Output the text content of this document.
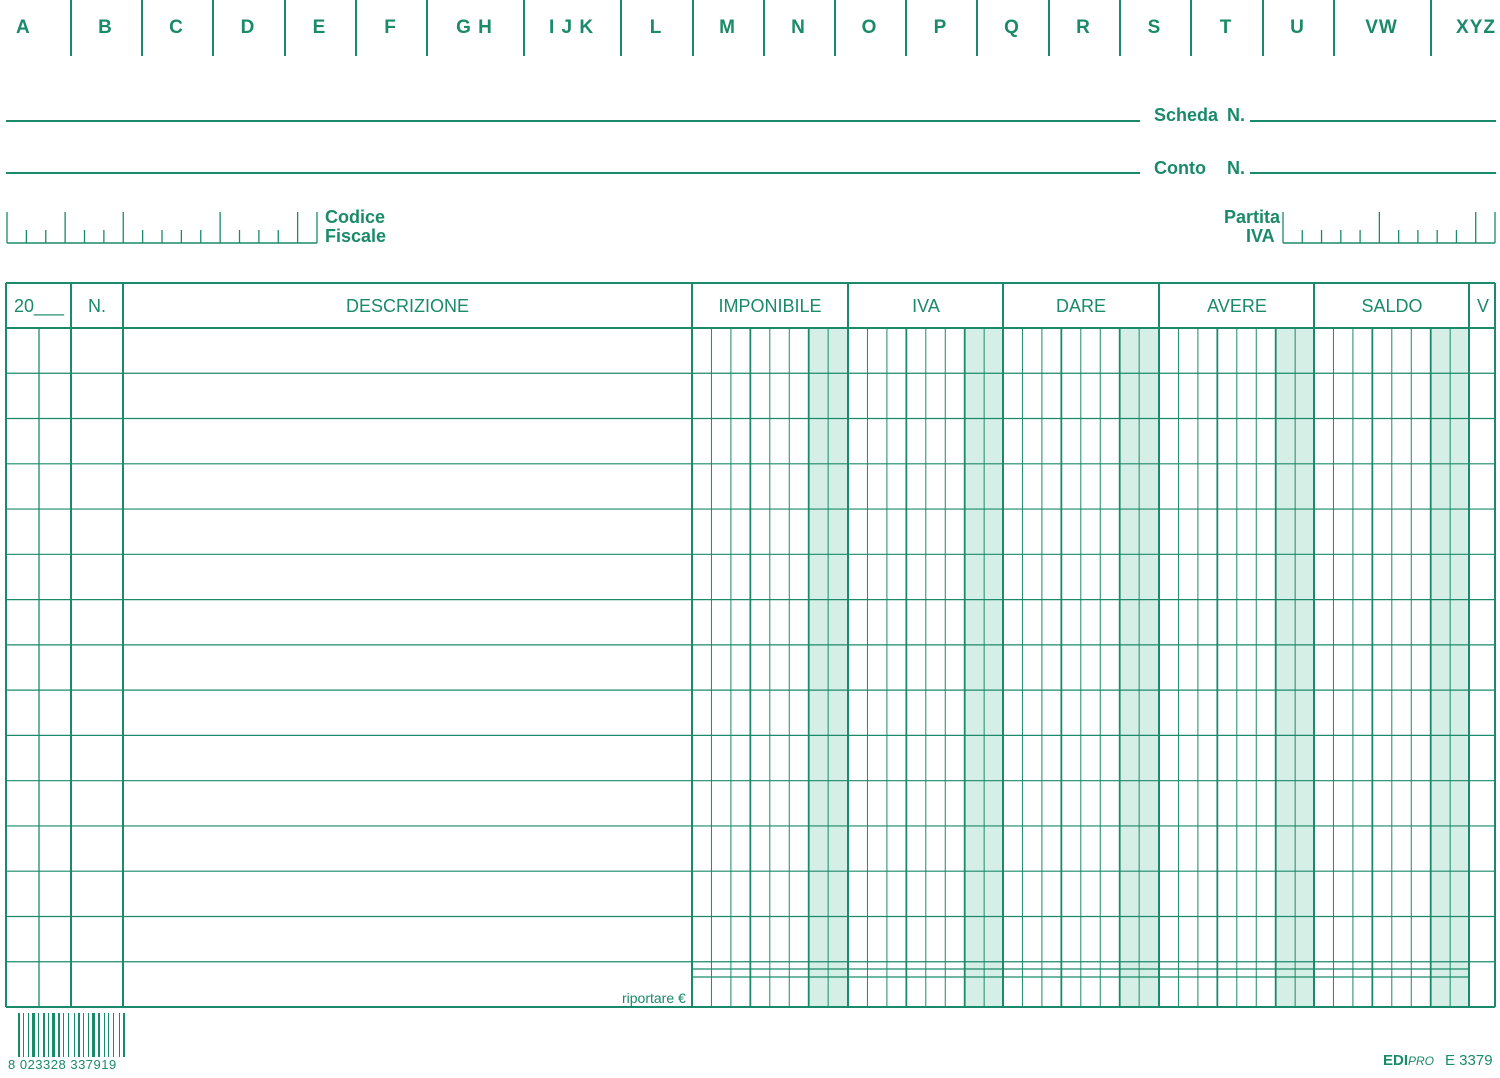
A	B	C	D	E	F	G H	I J K	L	M	N	O	P	Q	R	S	T	U	VW	XYZ
Scheda N.
Conto N.
Codice
Fiscale
Partita
IVA
20___	N.	DESCRIZIONE	IMPONIBILE	IVA	DARE	AVERE	SALDO	V
riportare €
8 023328 337919	EDIPRO E 3379
